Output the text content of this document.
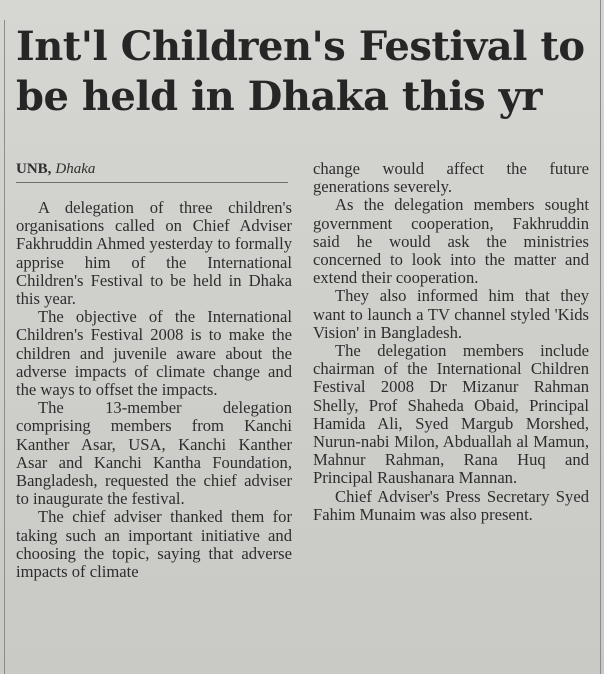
Int'l Children's Festival to be held in Dhaka this yr
UNB, Dhaka

A delegation of three children's organisations called on Chief Adviser Fakhruddin Ahmed yesterday to formally apprise him of the International Children's Festival to be held in Dhaka this year.

The objective of the International Children's Festival 2008 is to make the children and juvenile aware about the adverse impacts of climate change and the ways to offset the impacts.

The 13-member delegation comprising members from Kanchi Kanther Asar, USA, Kanchi Kanther Asar and Kanchi Kantha Foundation, Bangladesh, requested the chief adviser to inaugurate the festival.

The chief adviser thanked them for taking such an important initiative and choosing the topic, saying that adverse impacts of climate

change would affect the future generations severely.

As the delegation members sought government cooperation, Fakhruddin said he would ask the ministries concerned to look into the matter and extend their cooperation.

They also informed him that they want to launch a TV channel styled 'Kids Vision' in Bangladesh.

The delegation members include chairman of the International Children Festival 2008 Dr Mizanur Rahman Shelly, Prof Shaheda Obaid, Principal Hamida Ali, Syed Margub Morshed, Nurun-nabi Milon, Abduallah al Mamun, Mahnur Rahman, Rana Huq and Principal Raushanara Mannan.

Chief Adviser's Press Secretary Syed Fahim Munaim was also present.
